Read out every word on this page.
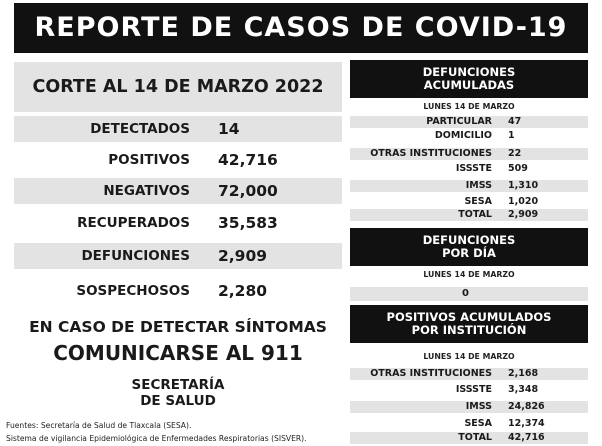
REPORTE DE CASOS DE COVID-19
CORTE AL 14 DE MARZO 2022
DETECTADOS 14
POSITIVOS 42,716
NEGATIVOS 72,000
RECUPERADOS 35,583
DEFUNCIONES 2,909
SOSPECHOSOS 2,280
EN CASO DE DETECTAR SÍNTOMAS
COMUNICARSE AL 911
SECRETARÍA
DE SALUD
Fuentes: Secretaría de Salud de Tlaxcala (SESA).
Sistema de vigilancia Epidemiológica de Enfermedades Respiratorias (SISVER).
DEFUNCIONES
ACUMULADAS
LUNES 14 DE MARZO
PARTICULAR 47
DOMICILIO 1
OTRAS INSTITUCIONES 22
ISSSTE 509
IMSS 1,310
SESA 1,020
TOTAL 2,909
DEFUNCIONES
POR DÍA
LUNES 14 DE MARZO
0
POSITIVOS ACUMULADOS
POR INSTITUCIÓN
LUNES 14 DE MARZO
OTRAS INSTITUCIONES 2,168
ISSSTE 3,348
IMSS 24,826
SESA 12,374
TOTAL 42,716
